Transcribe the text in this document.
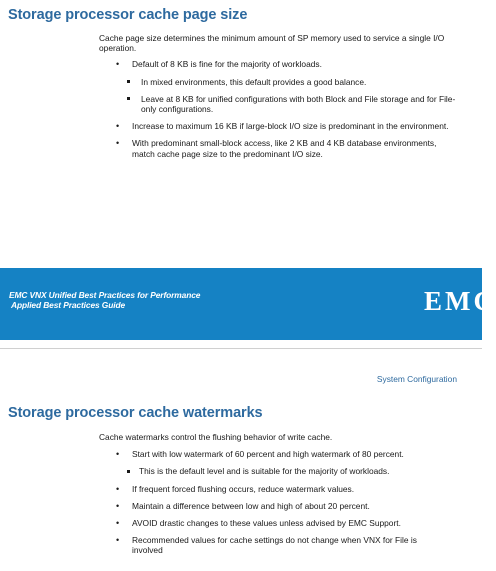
Storage processor cache page size

Cache page size determines the minimum amount of SP memory used to service a single I/O operation.

• Default of 8 KB is fine for the majority of workloads.
In mixed environments, this default provides a good balance.
Leave at 8 KB for unified configurations with both Block and File storage and for File-only configurations.
• Increase to maximum 16 KB if large-block I/O size is predominant in the environment.
• With predominant small-block access, like 2 KB and 4 KB database environments, match cache page size to the predominant I/O size.
EMC VNX Unified Best Practices for Performance
Applied Best Practices Guide	EMC
System Configuration
Storage processor cache watermarks

Cache watermarks control the flushing behavior of write cache.

• Start with low watermark of 60 percent and high watermark of 80 percent.
This is the default level and is suitable for the majority of workloads.
• If frequent forced flushing occurs, reduce watermark values.
• Maintain a difference between low and high of about 20 percent.
• AVOID drastic changes to these values unless advised by EMC Support.
• Recommended values for cache settings do not change when VNX for File is involved
